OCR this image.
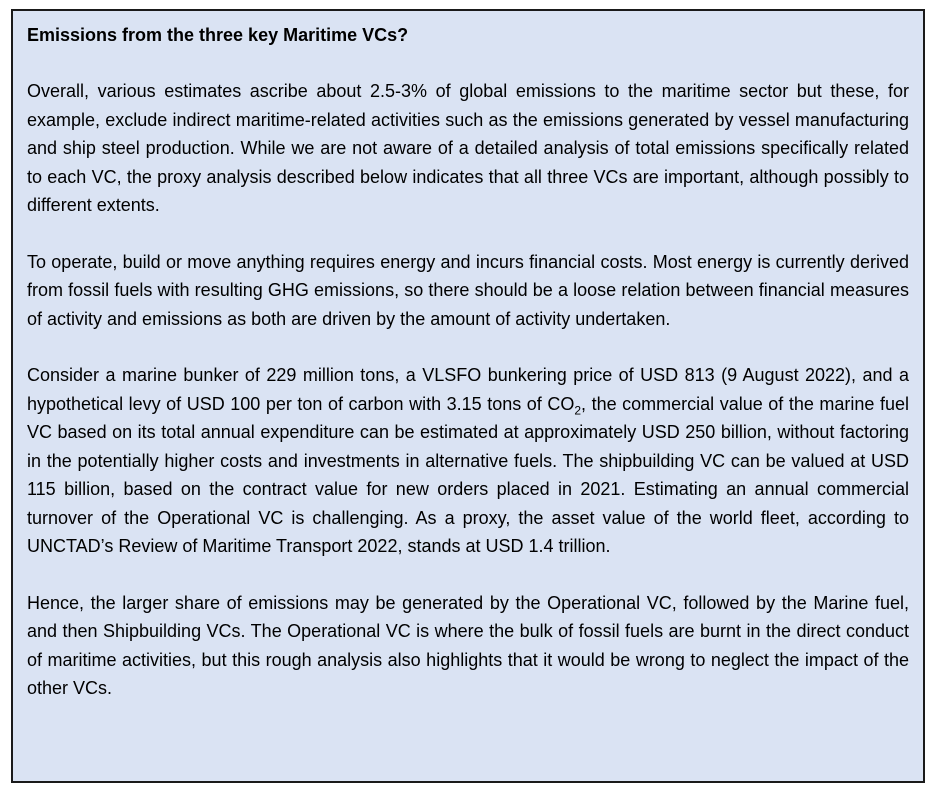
Emissions from the three key Maritime VCs?

Overall, various estimates ascribe about 2.5-3% of global emissions to the maritime sector but these, for example, exclude indirect maritime-related activities such as the emissions generated by vessel manufacturing and ship steel production. While we are not aware of a detailed analysis of total emissions specifically related to each VC, the proxy analysis described below indicates that all three VCs are important, although possibly to different extents.

To operate, build or move anything requires energy and incurs financial costs. Most energy is currently derived from fossil fuels with resulting GHG emissions, so there should be a loose relation between financial measures of activity and emissions as both are driven by the amount of activity undertaken.

Consider a marine bunker of 229 million tons, a VLSFO bunkering price of USD 813 (9 August 2022), and a hypothetical levy of USD 100 per ton of carbon with 3.15 tons of $CO_2$, the commercial value of the marine fuel VC based on its total annual expenditure can be estimated at approximately USD 250 billion, without factoring in the potentially higher costs and investments in alternative fuels. The shipbuilding VC can be valued at USD 115 billion, based on the contract value for new orders placed in 2021. Estimating an annual commercial turnover of the Operational VC is challenging. As a proxy, the asset value of the world fleet, according to UNCTAD’s Review of Maritime Transport 2022, stands at USD 1.4 trillion.

Hence, the larger share of emissions may be generated by the Operational VC, followed by the Marine fuel, and then Shipbuilding VCs. The Operational VC is where the bulk of fossil fuels are burnt in the direct conduct of maritime activities, but this rough analysis also highlights that it would be wrong to neglect the impact of the other VCs.
